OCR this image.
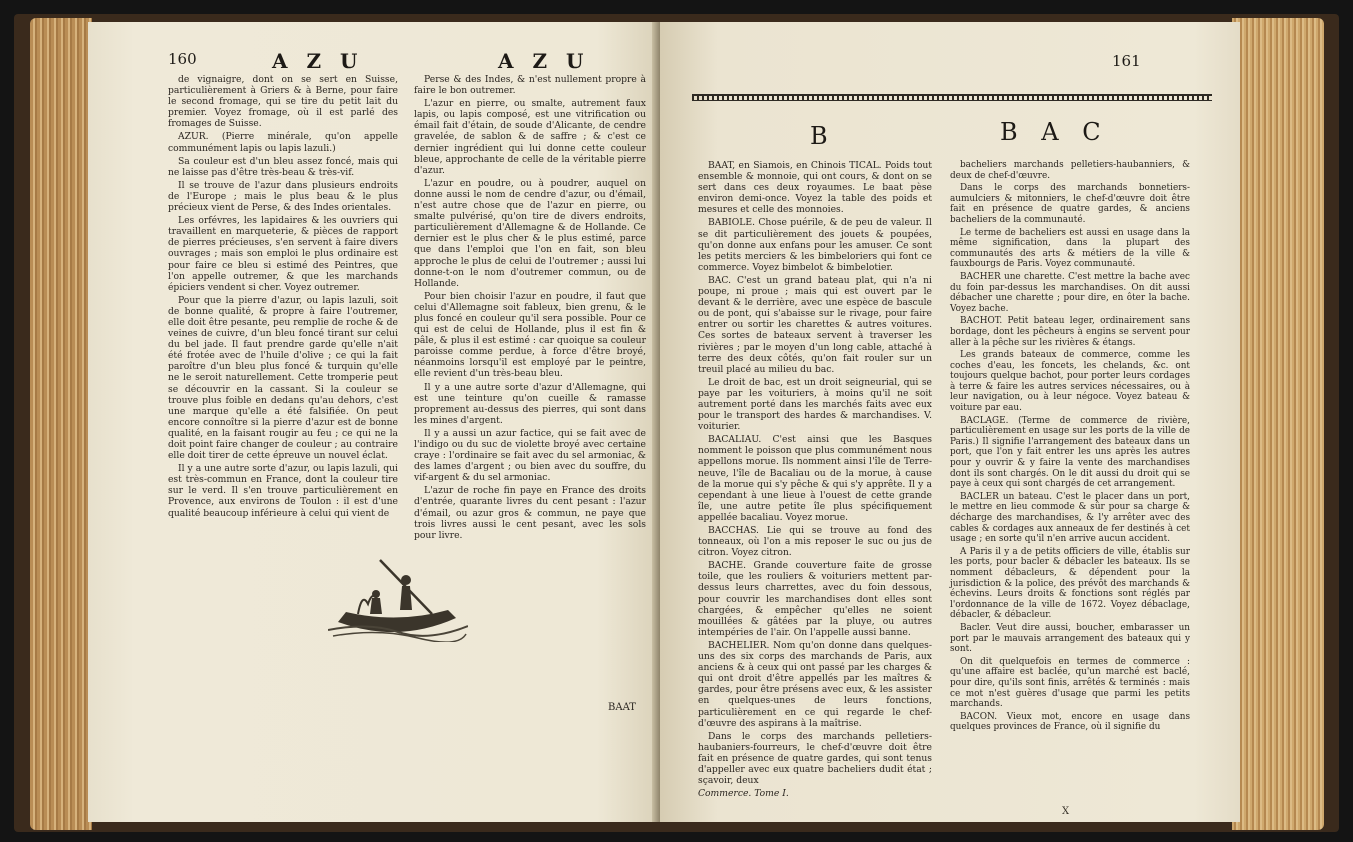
160	A Z U	A Z U

de vignaigre, dont on se sert en Suisse, particulièrement à Griers & à Berne, pour faire le second fromage, qui se tire du petit lait du premier. Voyez fromage, où il est parlé des fromages de Suisse.

AZUR. (Pierre minérale, qu'on appelle communément lapis ou lapis lazuli.)

Sa couleur est d'un bleu assez foncé, mais qui ne laisse pas d'être très-beau & très-vif.

Il se trouve de l'azur dans plusieurs endroits de l'Europe ; mais le plus beau & le plus précieux vient de Perse, & des Indes orientales.

Les orfévres, les lapidaires & les ouvriers qui travaillent en marqueterie, & pièces de rapport de pierres précieuses, s'en servent à faire divers ouvrages ; mais son emploi le plus ordinaire est pour faire ce bleu si estimé des Peintres, que l'on appelle outremer, & que les marchands épiciers vendent si cher. Voyez outremer.

Pour que la pierre d'azur, ou lapis lazuli, soit de bonne qualité, & propre à faire l'outremer, elle doit être pesante, peu remplie de roche & de veines de cuivre, d'un bleu foncé tirant sur celui du bel jade. Il faut prendre garde qu'elle n'ait été frotée avec de l'huile d'olive ; ce qui la fait paroître d'un bleu plus foncé & turquin qu'elle ne le seroit naturellement. Cette tromperie peut se découvrir en la cassant. Si la couleur se trouve plus foible en dedans qu'au dehors, c'est une marque qu'elle a été falsifiée. On peut encore connoître si la pierre d'azur est de bonne qualité, en la faisant rougir au feu ; ce qui ne la doit point faire changer de couleur ; au contraire elle doit tirer de cette épreuve un nouvel éclat.

Il y a une autre sorte d'azur, ou lapis lazuli, qui est très-commun en France, dont la couleur tire sur le verd. Il s'en trouve particulièrement en Provence, aux environs de Toulon : il est d'une qualité beaucoup inférieure à celui qui vient de

Perse & des Indes, & n'est nullement propre à faire le bon outremer.

L'azur en pierre, ou smalte, autrement faux lapis, ou lapis composé, est une vitrification ou émail fait d'étain, de soude d'Alicante, de cendre gravelée, de sablon & de saffre ; & c'est ce dernier ingrédient qui lui donne cette couleur bleue, approchante de celle de la véritable pierre d'azur.

L'azur en poudre, ou à poudrer, auquel on donne aussi le nom de cendre d'azur, ou d'émail, n'est autre chose que de l'azur en pierre, ou smalte pulvérisé, qu'on tire de divers endroits, particulièrement d'Allemagne & de Hollande. Ce dernier est le plus cher & le plus estimé, parce que dans l'emploi que l'on en fait, son bleu approche le plus de celui de l'outremer ; aussi lui donne-t-on le nom d'outremer commun, ou de Hollande.

Pour bien choisir l'azur en poudre, il faut que celui d'Allemagne soit fableux, bien grenu, & le plus foncé en couleur qu'il sera possible. Pour ce qui est de celui de Hollande, plus il est fin & pâle, & plus il est estimé : car quoique sa couleur paroisse comme perdue, à force d'être broyé, néanmoins lorsqu'il est employé par le peintre, elle revient d'un très-beau bleu.

Il y a une autre sorte d'azur d'Allemagne, qui est une teinture qu'on cueille & ramasse proprement au-dessus des pierres, qui sont dans les mines d'argent.

Il y a aussi un azur factice, qui se fait avec de l'indigo ou du suc de violette broyé avec certaine craye : l'ordinaire se fait avec du sel armoniac, & des lames d'argent ; ou bien avec du souffre, du vif-argent & du sel armoniac.

L'azur de roche fin paye en France des droits d'entrée, quarante livres du cent pesant : l'azur d'émail, ou azur gros & commun, ne paye que trois livres aussi le cent pesant, avec les sols pour livre.

BAAT
161
B	B A C

BAAT, en Siamois, en Chinois TICAL. Poids tout ensemble & monnoie, qui ont cours, & dont on se sert dans ces deux royaumes. Le baat pèse environ demi-once. Voyez la table des poids et mesures et celle des monnoies.

BABIOLE. Chose puérile, & de peu de valeur. Il se dit particulièrement des jouets & poupées, qu'on donne aux enfans pour les amuser. Ce sont les petits merciers & les bimbeloriers qui font ce commerce. Voyez bimbelot & bimbelotier.

BAC. C'est un grand bateau plat, qui n'a ni poupe, ni proue ; mais qui est ouvert par le devant & le derrière, avec une espèce de bascule ou de pont, qui s'abaisse sur le rivage, pour faire entrer ou sortir les charettes & autres voitures. Ces sortes de bateaux servent à traverser les rivières ; par le moyen d'un long cable, attaché à terre des deux côtés, qu'on fait rouler sur un treuil placé au milieu du bac.

Le droit de bac, est un droit seigneurial, qui se paye par les voituriers, à moins qu'il ne soit autrement porté dans les marchés faits avec eux pour le transport des hardes & marchandises. V. voiturier.

BACALIAU. C'est ainsi que les Basques nomment le poisson que plus communément nous appellons morue. Ils nomment ainsi l'île de Terre-neuve, l'île de Bacaliau ou de la morue, à cause de la morue qui s'y pêche & qui s'y apprête. Il y a cependant à une lieue à l'ouest de cette grande île, une autre petite île plus spécifiquement appellée bacaliau. Voyez morue.

BACCHAS. Lie qui se trouve au fond des tonneaux, où l'on a mis reposer le suc ou jus de citron. Voyez citron.

BACHE. Grande couverture faite de grosse toile, que les rouliers & voituriers mettent par-dessus leurs charrettes, avec du foin dessous, pour couvrir les marchandises dont elles sont chargées, & empêcher qu'elles ne soient mouillées & gâtées par la pluye, ou autres intempéries de l'air. On l'appelle aussi banne.

BACHELIER. Nom qu'on donne dans quelques-uns des six corps des marchands de Paris, aux anciens & à ceux qui ont passé par les charges & qui ont droit d'être appellés par les maîtres & gardes, pour être présens avec eux, & les assister en quelques-unes de leurs fonctions, particulièrement en ce qui regarde le chef-d'œuvre des aspirans à la maîtrise.

Dans le corps des marchands pelletiers-haubaniers-fourreurs, le chef-d'œuvre doit être fait en présence de quatre gardes, qui sont tenus d'appeller avec eux quatre bacheliers dudit état ; sçavoir, deux

Commerce. Tome I.

bacheliers marchands pelletiers-haubanniers, & deux de chef-d'œuvre.

Dans le corps des marchands bonnetiers-aumulciers & mitonniers, le chef-d'œuvre doit être fait en présence de quatre gardes, & anciens bacheliers de la communauté.

Le terme de bacheliers est aussi en usage dans la même signification, dans la plupart des communautés des arts & métiers de la ville & fauxbourgs de Paris. Voyez communauté.

BACHER une charette. C'est mettre la bache avec du foin par-dessus les marchandises. On dit aussi débacher une charette ; pour dire, en ôter la bache. Voyez bache.

BACHOT. Petit bateau leger, ordinairement sans bordage, dont les pêcheurs à engins se servent pour aller à la pêche sur les rivières & étangs.

Les grands bateaux de commerce, comme les coches d'eau, les foncets, les chelands, &c. ont toujours quelque bachot, pour porter leurs cordages à terre & faire les autres services nécessaires, ou à leur navigation, ou à leur négoce. Voyez bateau & voiture par eau.

BACLAGE. (Terme de commerce de rivière, particulièrement en usage sur les ports de la ville de Paris.) Il signifie l'arrangement des bateaux dans un port, que l'on y fait entrer les uns après les autres pour y ouvrir & y faire la vente des marchandises dont ils sont chargés. On le dit aussi du droit qui se paye à ceux qui sont chargés de cet arrangement.

BACLER un bateau. C'est le placer dans un port, le mettre en lieu commode & sûr pour sa charge & décharge des marchandises, & l'y arrêter avec des cables & cordages aux anneaux de fer destinés à cet usage ; en sorte qu'il n'en arrive aucun accident.

A Paris il y a de petits officiers de ville, établis sur les ports, pour bacler & débacler les bateaux. Ils se nomment débacleurs, & dépendent pour la jurisdiction & la police, des prévôt des marchands & échevins. Leurs droits & fonctions sont réglés par l'ordonnance de la ville de 1672. Voyez débaclage, débacler, & débacleur.

Bacler. Veut dire aussi, boucher, embarasser un port par le mauvais arrangement des bateaux qui y sont.

On dit quelquefois en termes de commerce : qu'une affaire est baclée, qu'un marché est baclé, pour dire, qu'ils sont finis, arrêtés & terminés : mais ce mot n'est guères d'usage que parmi les petits marchands.

BACON. Vieux mot, encore en usage dans quelques provinces de France, où il signifie du

X
